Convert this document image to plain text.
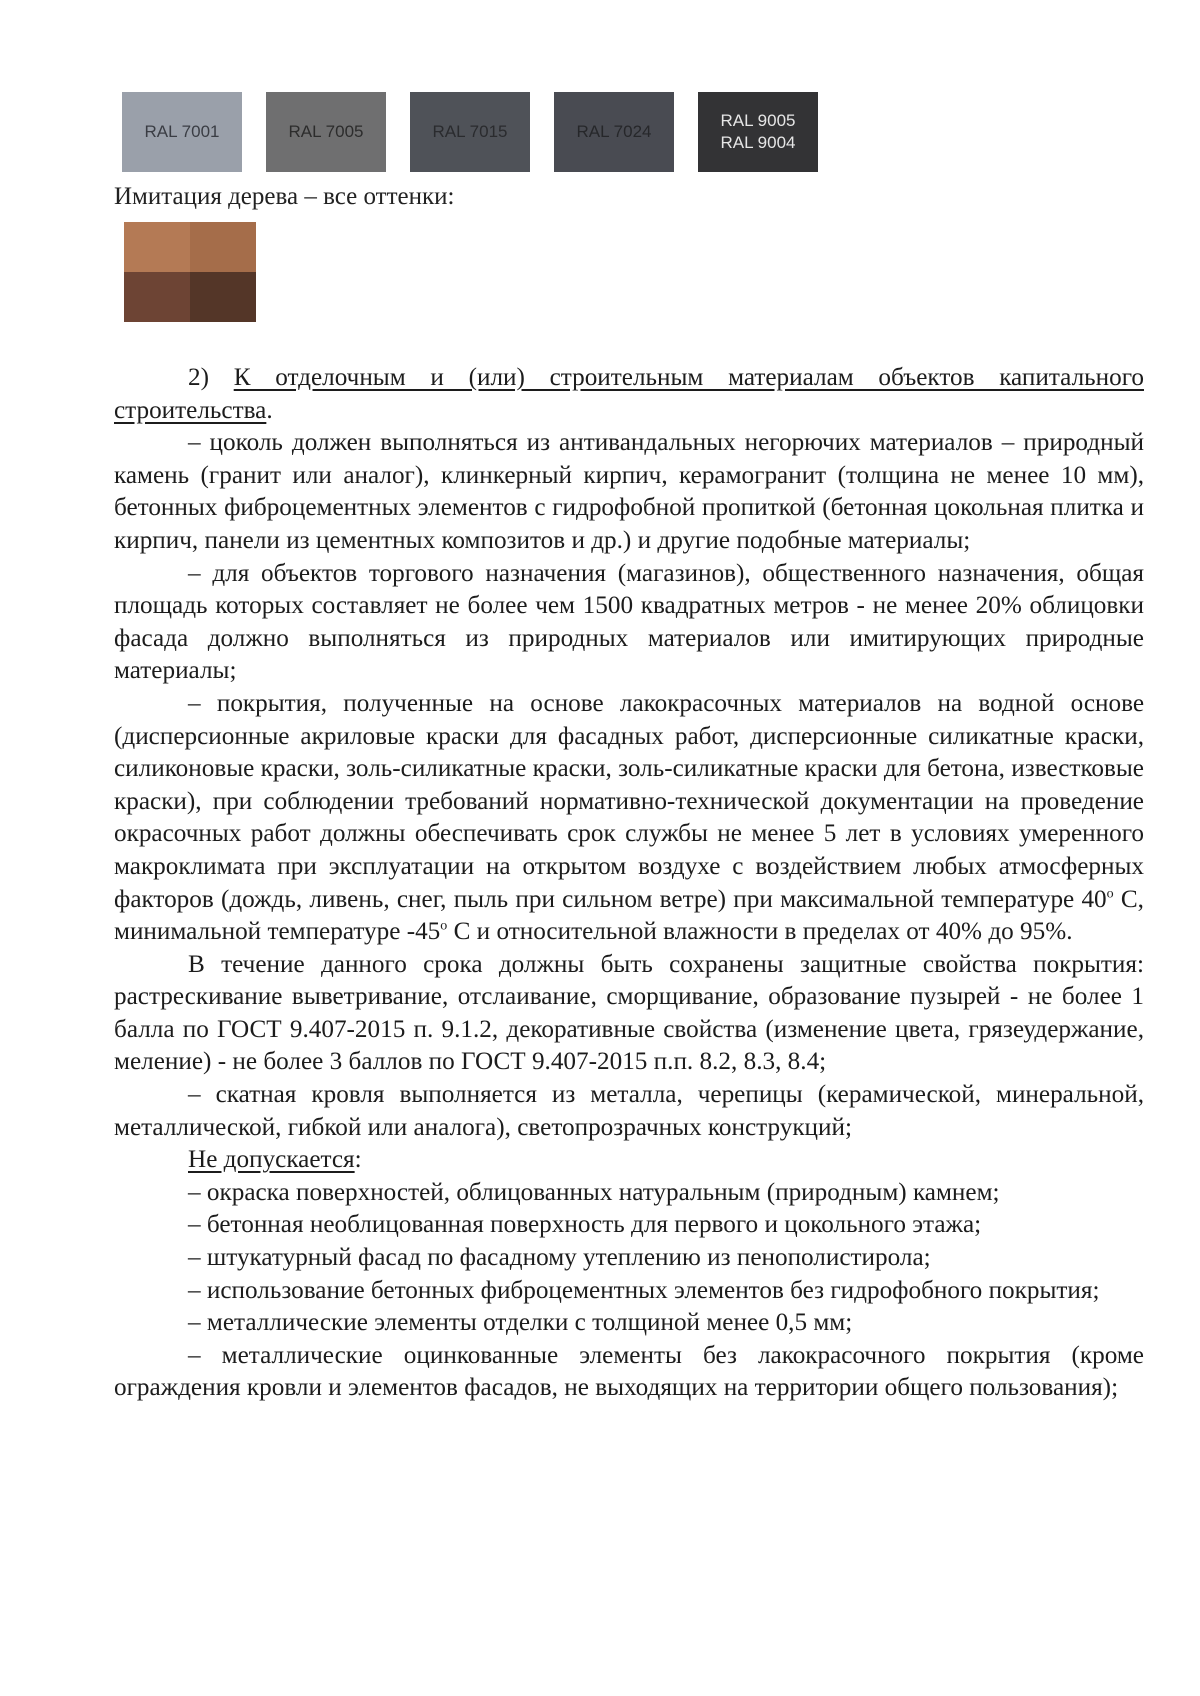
RAL 7001	RAL 7005	RAL 7015	RAL 7024
RAL 9005
RAL 9004
Имитация дерева – все оттенки:

2) К отделочным и (или) строительным материалам объектов капитального строительства.

– цоколь должен выполняться из антивандальных негорючих материалов – природный камень (гранит или аналог), клинкерный кирпич, керамогранит (толщина не менее 10 мм), бетонных фиброцементных элементов с гидрофобной пропиткой (бетонная цокольная плитка и кирпич, панели из цементных композитов и др.) и другие подобные материалы;

– для объектов торгового назначения (магазинов), общественного назначения, общая площадь которых составляет не более чем 1500 квадратных метров - не менее 20% облицовки фасада должно выполняться из природных материалов или имитирующих природные материалы;

– покрытия, полученные на основе лакокрасочных материалов на водной основе (дисперсионные акриловые краски для фасадных работ, дисперсионные силикатные краски, силиконовые краски, золь-силикатные краски, золь-силикатные краски для бетона, известковые краски), при соблюдении требований нормативно-технической документации на проведение окрасочных работ должны обеспечивать срок службы не менее 5 лет в условиях умеренного макроклимата при эксплуатации на открытом воздухе с воздействием любых атмосферных факторов (дождь, ливень, снег, пыль при сильном ветре) при максимальной температуре 40$^o$ С, минимальной температуре -45$^o$ С и относительной влажности в пределах от 40% до 95%.

В течение данного срока должны быть сохранены защитные свойства покрытия: растрескивание выветривание, отслаивание, сморщивание, образование пузырей - не более 1 балла по ГОСТ 9.407-2015 п. 9.1.2, декоративные свойства (изменение цвета, грязеудержание, меление) - не более 3 баллов по ГОСТ 9.407-2015 п.п. 8.2, 8.3, 8.4;

– скатная кровля выполняется из металла, черепицы (керамической, минеральной, металлической, гибкой или аналога), светопрозрачных конструкций;

Не допускается:

– окраска поверхностей, облицованных натуральным (природным) камнем;

– бетонная необлицованная поверхность для первого и цокольного этажа;

– штукатурный фасад по фасадному утеплению из пенополистирола;

– использование бетонных фиброцементных элементов без гидрофобного покрытия;

– металлические элементы отделки с толщиной менее 0,5 мм;

– металлические оцинкованные элементы без лакокрасочного покрытия (кроме ограждения кровли и элементов фасадов, не выходящих на территории общего пользования);
